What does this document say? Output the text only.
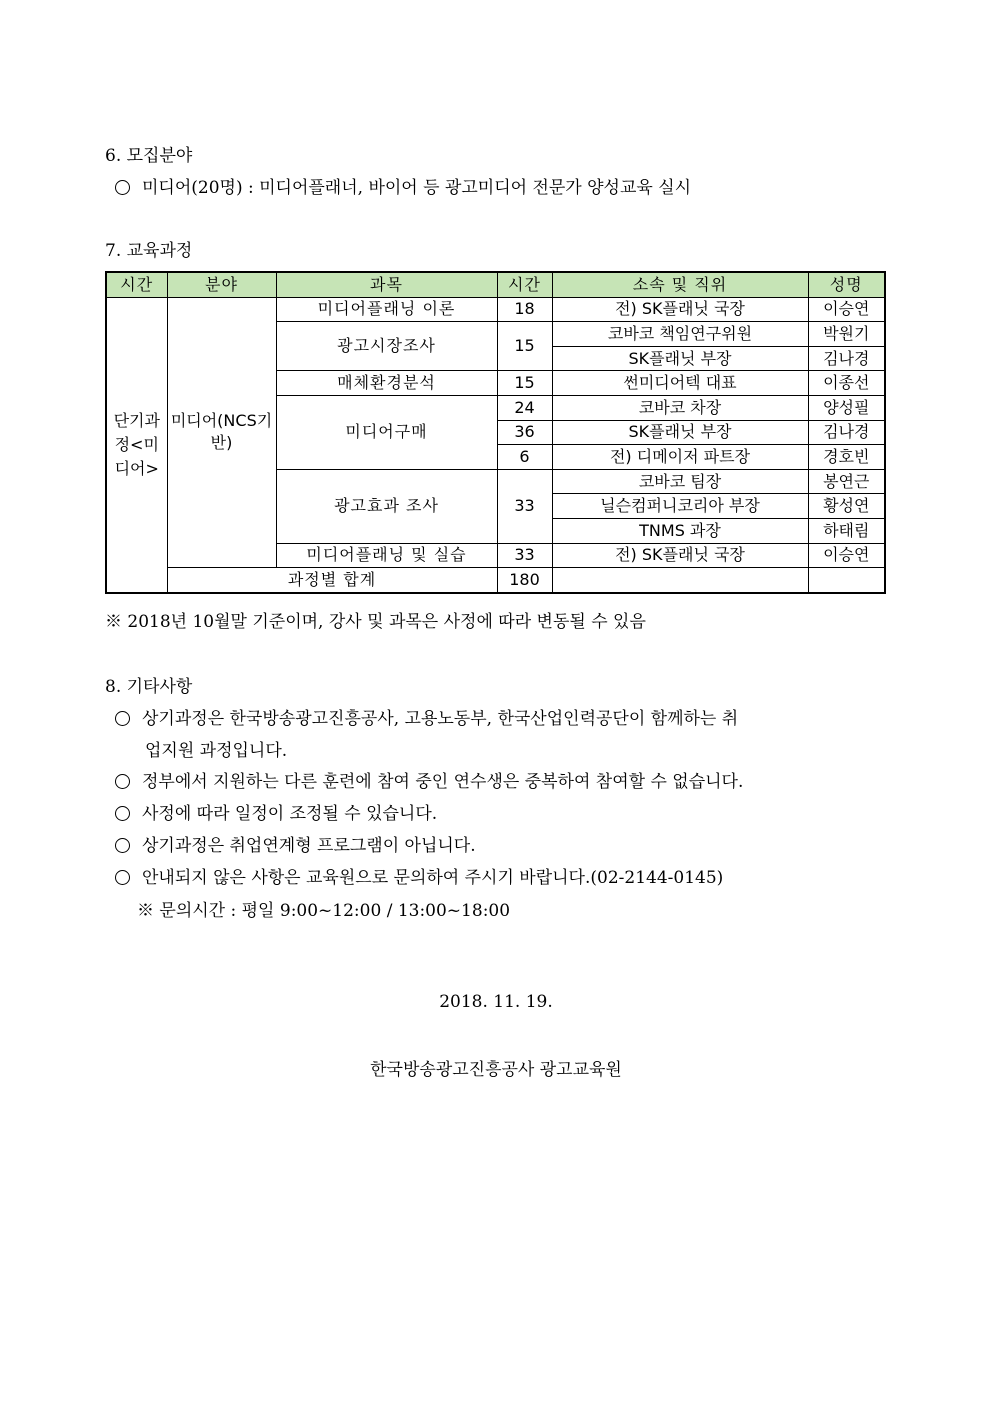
6. 모집분야
미디어(20명) : 미디어플래너, 바이어 등 광고미디어 전문가 양성교육 실시
7. 교육과정
시간	분야	과목	시간	소속 및 직위	성명
단기과정<미디어>	미디어(NCS기반)	미디어플래닝 이론	18	전) SK플래닛 국장	이승연
		광고시장조사	15	코바코 책임연구위원	박원기
				SK플래닛 부장	김나경
		매체환경분석	15	썬미디어텍 대표	이종선
		미디어구매	24	코바코 차장	양성필
			36	SK플래닛 부장	김나경
			6	전) 디메이저 파트장	경호빈
		광고효과 조사	33	코바코 팀장	봉연근
				닐슨컴퍼니코리아 부장	황성연
				TNMS 과장	하태림
		미디어플래닝 및 실습	33	전) SK플래닛 국장	이승연
	과정별 합계		180		
※ 2018년 10월말 기준이며, 강사 및 과목은 사정에 따라 변동될 수 있음
8. 기타사항
상기과정은 한국방송광고진흥공사, 고용노동부, 한국산업인력공단이 함께하는 취
업지원 과정입니다.
정부에서 지원하는 다른 훈련에 참여 중인 연수생은 중복하여 참여할 수 없습니다.
사정에 따라 일정이 조정될 수 있습니다.
상기과정은 취업연계형 프로그램이 아닙니다.
안내되지 않은 사항은 교육원으로 문의하여 주시기 바랍니다.(02-2144-0145)
※ 문의시간 : 평일 9:00~12:00 / 13:00~18:00
2018. 11. 19.
한국방송광고진흥공사 광고교육원
